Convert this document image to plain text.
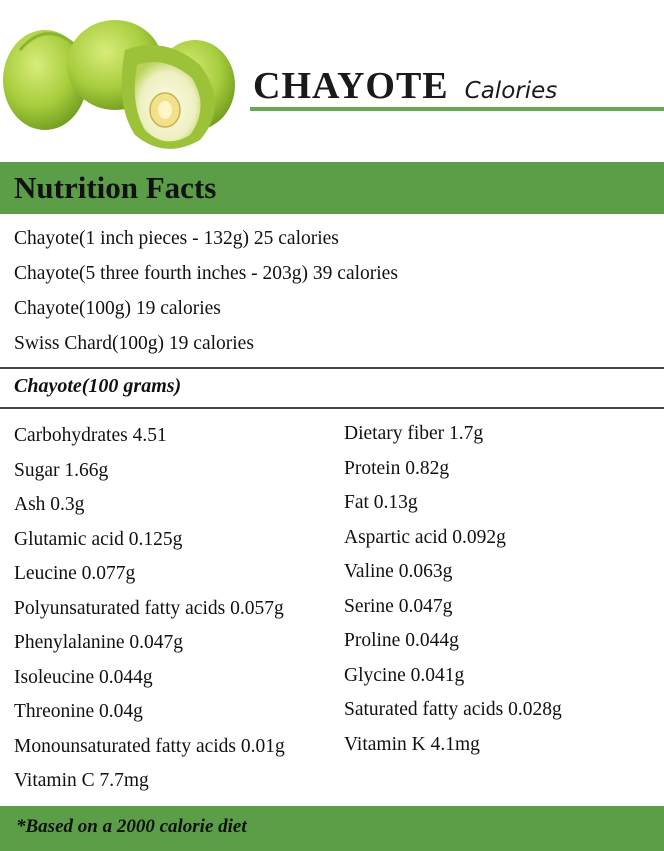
CHAYOTE Calories
Nutrition Facts
Chayote(1 inch pieces - 132g) 25 calories
Chayote(5 three fourth inches - 203g) 39 calories
Chayote(100g) 19 calories
Swiss Chard(100g) 19 calories
Chayote(100 grams)
Carbohydrates 4.51
Sugar 1.66g
Ash 0.3g
Glutamic acid 0.125g
Leucine 0.077g
Polyunsaturated fatty acids 0.057g
Phenylalanine 0.047g
Isoleucine 0.044g
Threonine 0.04g
Monounsaturated fatty acids 0.01g
Vitamin C 7.7mg
Dietary fiber 1.7g
Protein 0.82g
Fat 0.13g
Aspartic acid 0.092g
Valine 0.063g
Serine 0.047g
Proline 0.044g
Glycine 0.041g
Saturated fatty acids 0.028g
Vitamin K 4.1mg
*Based on a 2000 calorie diet
